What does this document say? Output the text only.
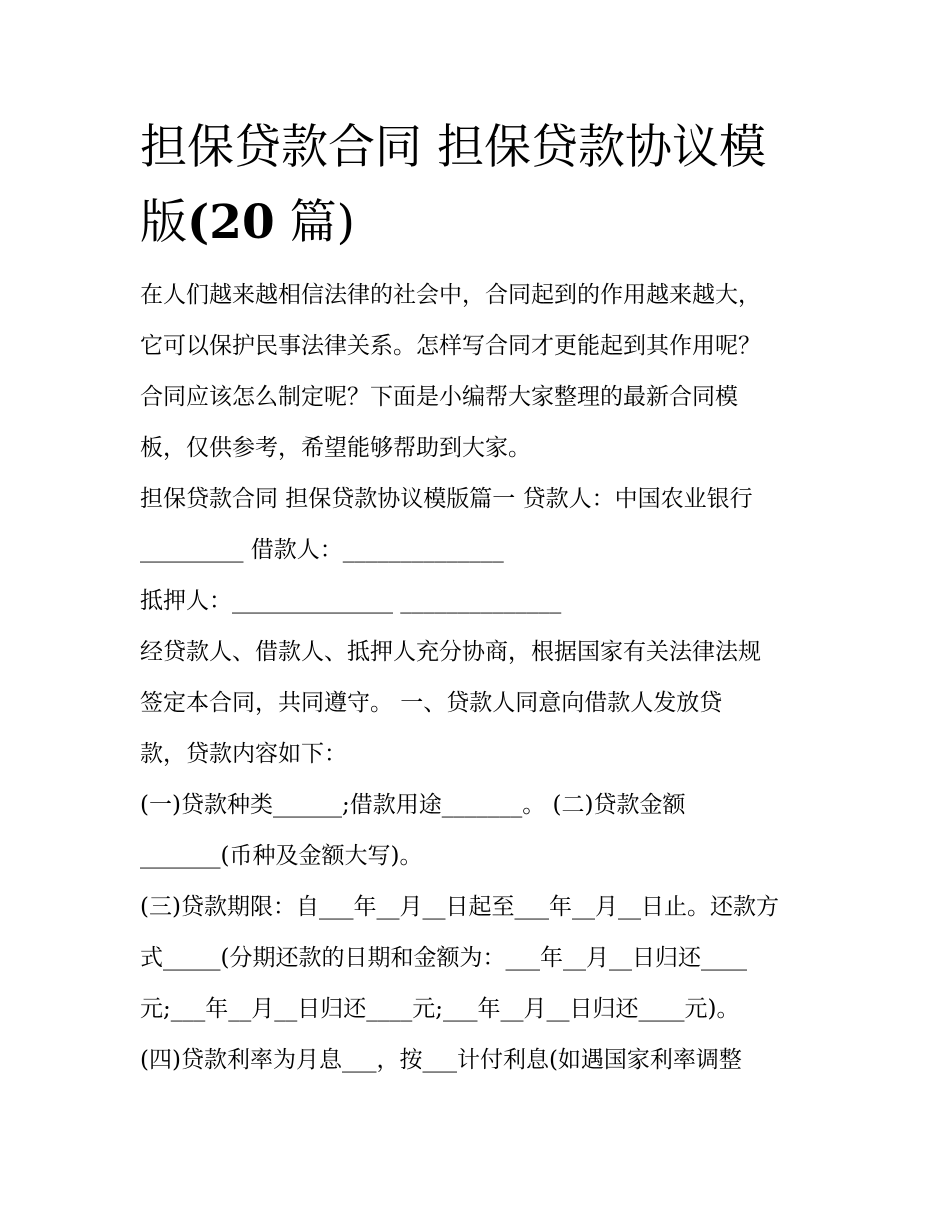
担保贷款合同 担保贷款协议模
版(20 篇)
在人们越来越相信法律的社会中，合同起到的作用越来越大，
它可以保护民事法律关系。怎样写合同才更能起到其作用呢？
合同应该怎么制定呢？下面是小编帮大家整理的最新合同模
板，仅供参考，希望能够帮助到大家。
担保贷款合同 担保贷款协议模版篇一 贷款人：中国农业银行
_________ 借款人：______________
抵押人：______________ ______________
经贷款人、借款人、抵押人充分协商，根据国家有关法律法规
签定本合同，共同遵守。 一、贷款人同意向借款人发放贷
款，贷款内容如下：
(一)贷款种类______;借款用途_______。 (二)贷款金额
_______(币种及金额大写)。
(三)贷款期限：自___年__月__日起至___年__月__日止。还款方
式_____(分期还款的日期和金额为：___年__月__日归还____
元;___年__月__日归还____元;___年__月__日归还____元)。
(四)贷款利率为月息___，按___计付利息(如遇国家利率调整
